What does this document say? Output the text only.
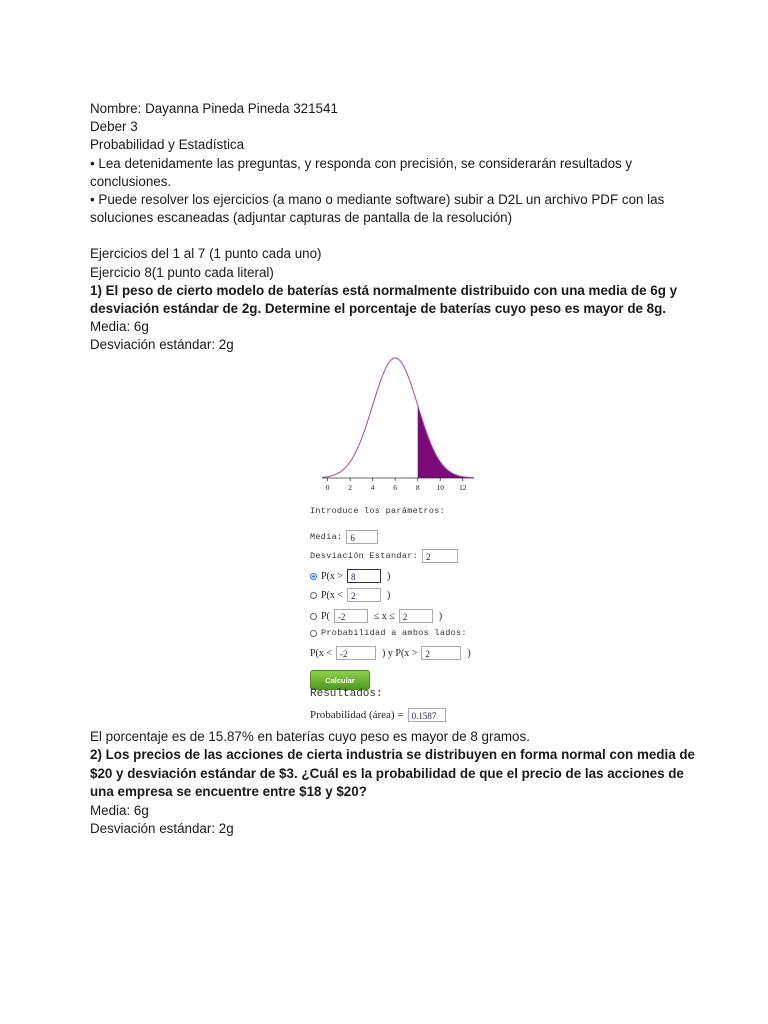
Nombre: Dayanna Pineda Pineda 321541

Deber 3

Probabilidad y Estadística

• Lea detenidamente las preguntas, y responda con precisión, se considerarán resultados y conclusiones.

• Puede resolver los ejercicios (a mano o mediante software) subir a D2L un archivo PDF con las soluciones escaneadas (adjuntar capturas de pantalla de la resolución)

Ejercicios del 1 al 7 (1 punto cada uno)

Ejercicio 8(1 punto cada literal)

1) El peso de cierto modelo de baterías está normalmente distribuido con una media de 6g y desviación estándar de 2g. Determine el porcentaje de baterías cuyo peso es mayor de 8g.

Media: 6g

Desviación estándar: 2g

0	2	4	6	8 10 12
Introduce los parámetros:
Media: 6
Desviación Estandar: 2
P(x > 8	)
P(x < 2	)
P( -2	≤ x ≤ 2	)
Probabilidad a ambos lados:
P(x < -2	) y P(x > 2	)
Calcular
Resultados:
Probabilidad (área) = 0.1587

El porcentaje es de 15.87% en baterías cuyo peso es mayor de 8 gramos.

2) Los precios de las acciones de cierta industria se distribuyen en forma normal con media de $20 y desviación estándar de $3. ¿Cuál es la probabilidad de que el precio de las acciones de una empresa se encuentre entre $18 y $20?

Media: 6g

Desviación estándar: 2g
